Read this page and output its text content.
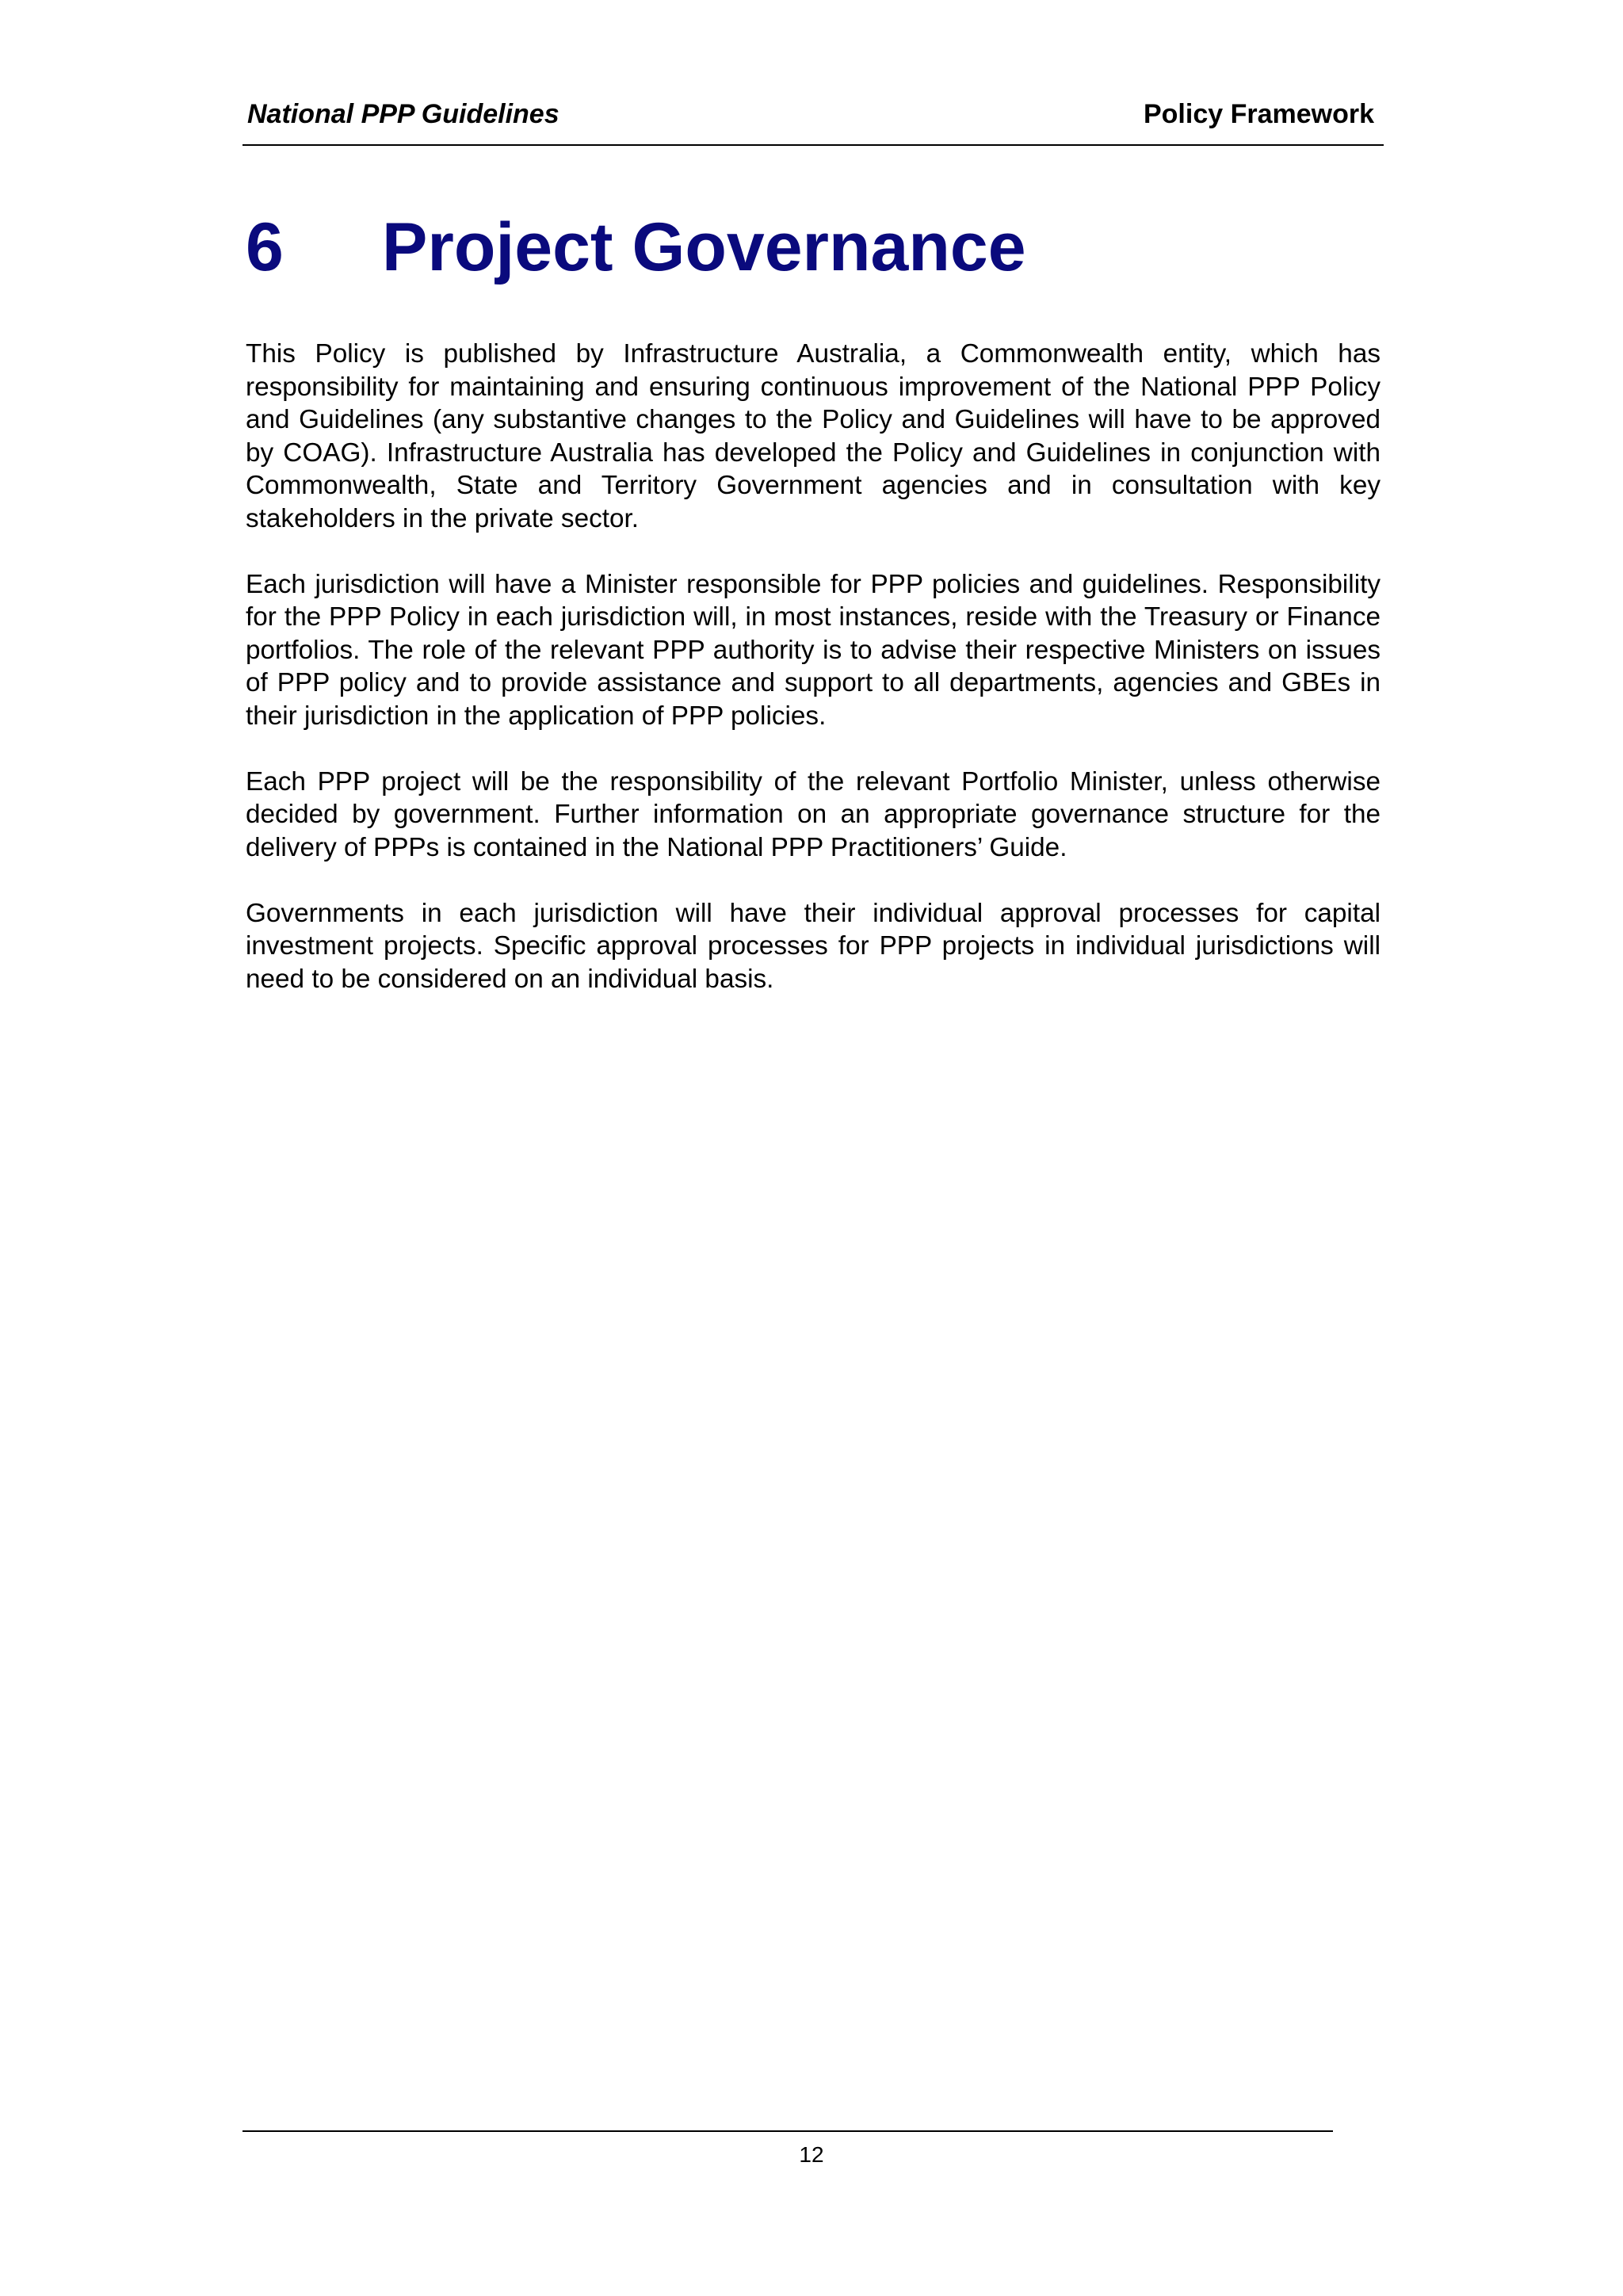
National PPP Guidelines	Policy Framework
6 Project Governance

This Policy is published by Infrastructure Australia, a Commonwealth entity, which has responsibility for maintaining and ensuring continuous improvement of the National PPP Policy and Guidelines (any substantive changes to the Policy and Guidelines will have to be approved by COAG). Infrastructure Australia has developed the Policy and Guidelines in conjunction with Commonwealth, State and Territory Government agencies and in consultation with key stakeholders in the private sector.

Each jurisdiction will have a Minister responsible for PPP policies and guidelines. Responsibility for the PPP Policy in each jurisdiction will, in most instances, reside with the Treasury or Finance portfolios. The role of the relevant PPP authority is to advise their respective Ministers on issues of PPP policy and to provide assistance and support to all departments, agencies and GBEs in their jurisdiction in the application of PPP policies.

Each PPP project will be the responsibility of the relevant Portfolio Minister, unless otherwise decided by government. Further information on an appropriate governance structure for the delivery of PPPs is contained in the National PPP Practitioners’ Guide.

Governments in each jurisdiction will have their individual approval processes for capital investment projects. Specific approval processes for PPP projects in individual jurisdictions will need to be considered on an individual basis.

12
